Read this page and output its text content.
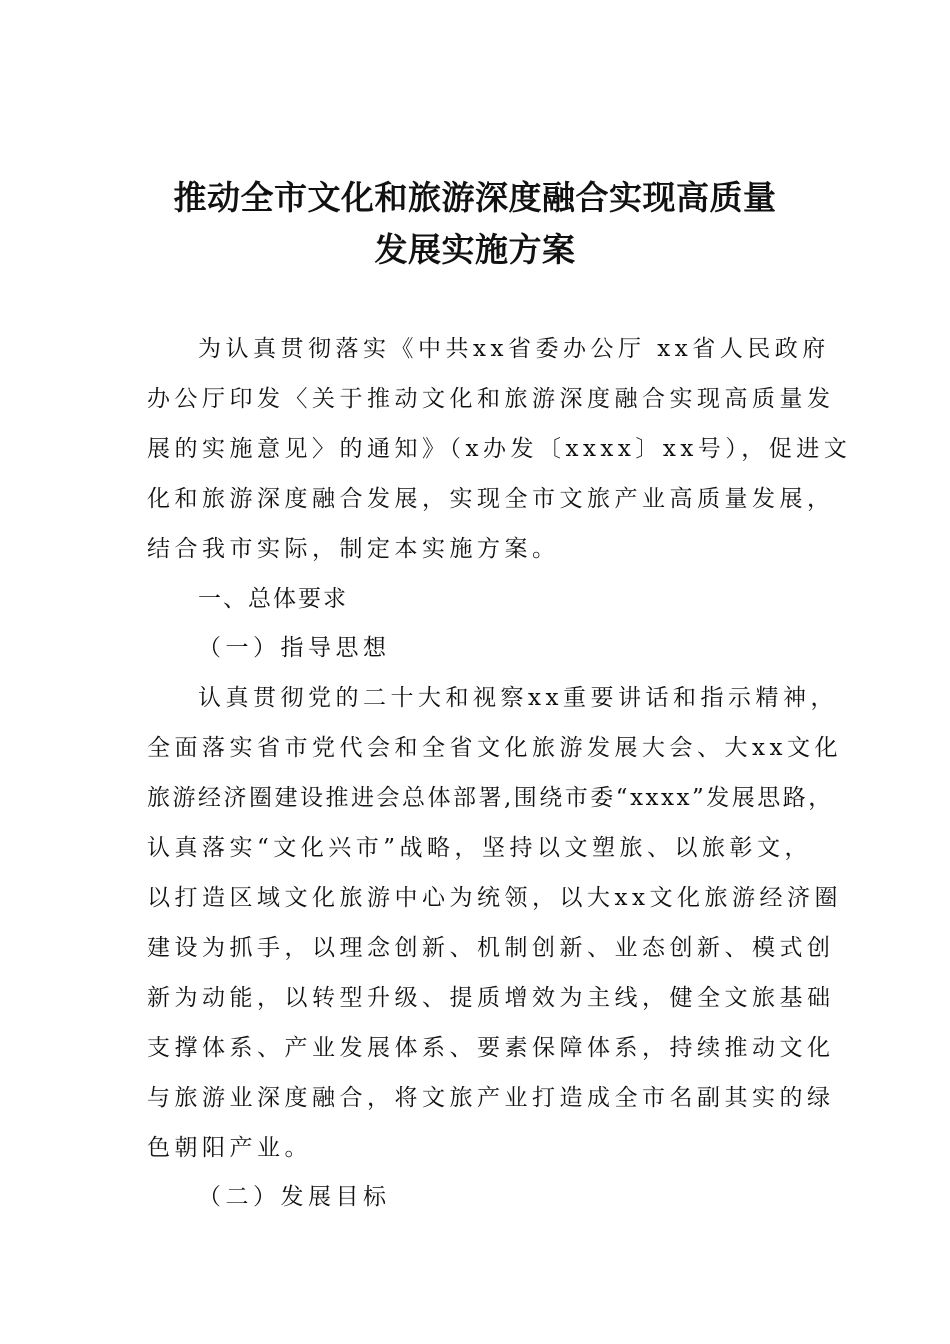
推动全市文化和旅游深度融合实现高质量
发展实施方案
为认真贯彻落实《中共xx省委办公厅 xx省人民政府
办公厅印发〈关于推动文化和旅游深度融合实现高质量发
展的实施意见〉的通知》（x办发〔xxxx〕xx号），促进文
化和旅游深度融合发展，实现全市文旅产业高质量发展，
结合我市实际，制定本实施方案。
一、总体要求
（一）指导思想
认真贯彻党的二十大和视察xx重要讲话和指示精神，
全面落实省市党代会和全省文化旅游发展大会、大xx文化
旅游经济圈建设推进会总体部署,围绕市委“xxxx”发展思路，
认真落实“文化兴市”战略，坚持以文塑旅、以旅彰文，
以打造区域文化旅游中心为统领，以大xx文化旅游经济圈
建设为抓手，以理念创新、机制创新、业态创新、模式创
新为动能，以转型升级、提质增效为主线，健全文旅基础
支撑体系、产业发展体系、要素保障体系，持续推动文化
与旅游业深度融合，将文旅产业打造成全市名副其实的绿
色朝阳产业。
（二）发展目标
